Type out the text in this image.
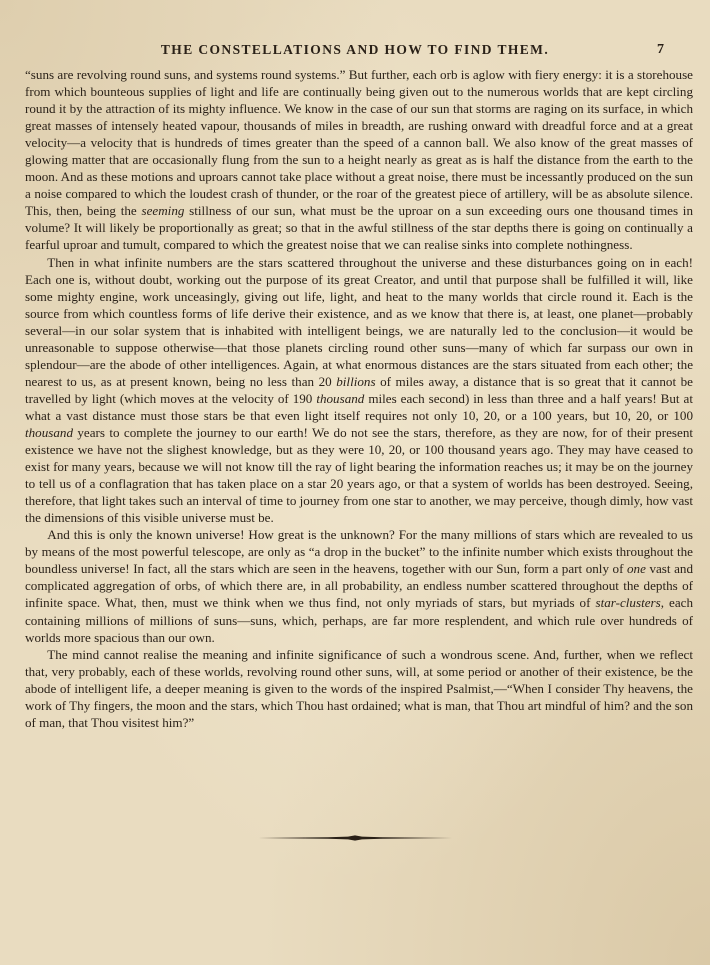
THE CONSTELLATIONS AND HOW TO FIND THEM.	7

“suns are revolving round suns, and systems round systems.” But further, each orb is aglow with fiery energy: it is a storehouse from which bounteous supplies of light and life are continually being given out to the numerous worlds that are kept circling round it by the attraction of its mighty influence. We know in the case of our sun that storms are raging on its surface, in which great masses of intensely heated vapour, thousands of miles in breadth, are rushing onward with dreadful force and at a great velocity—a velocity that is hundreds of times greater than the speed of a cannon ball. We also know of the great masses of glowing matter that are occasionally flung from the sun to a height nearly as great as is half the distance from the earth to the moon. And as these motions and uproars cannot take place without a great noise, there must be incessantly produced on the sun a noise compared to which the loudest crash of thunder, or the roar of the greatest piece of artillery, will be as absolute silence. This, then, being the seeming stillness of our sun, what must be the uproar on a sun exceeding ours one thousand times in volume? It will likely be proportionally as great; so that in the awful stillness of the star depths there is going on continually a fearful uproar and tumult, compared to which the greatest noise that we can realise sinks into complete nothingness.

Then in what infinite numbers are the stars scattered throughout the universe and these disturbances going on in each! Each one is, without doubt, working out the purpose of its great Creator, and until that purpose shall be fulfilled it will, like some mighty engine, work unceasingly, giving out life, light, and heat to the many worlds that circle round it. Each is the source from which countless forms of life derive their existence, and as we know that there is, at least, one planet—probably several—in our solar system that is inhabited with intelligent beings, we are naturally led to the conclusion—it would be unreasonable to suppose otherwise—that those planets circling round other suns—many of which far surpass our own in splendour—are the abode of other intelligences. Again, at what enormous distances are the stars situated from each other; the nearest to us, as at present known, being no less than 20 billions of miles away, a distance that is so great that it cannot be travelled by light (which moves at the velocity of 190 thousand miles each second) in less than three and a half years! But at what a vast distance must those stars be that even light itself requires not only 10, 20, or a 100 years, but 10, 20, or 100 thousand years to complete the journey to our earth! We do not see the stars, therefore, as they are now, for of their present existence we have not the slighest knowledge, but as they were 10, 20, or 100 thousand years ago. They may have ceased to exist for many years, because we will not know till the ray of light bearing the information reaches us; it may be on the journey to tell us of a conflagration that has taken place on a star 20 years ago, or that a system of worlds has been destroyed. Seeing, therefore, that light takes such an interval of time to journey from one star to another, we may perceive, though dimly, how vast the dimensions of this visible universe must be.

And this is only the known universe! How great is the unknown? For the many millions of stars which are revealed to us by means of the most powerful telescope, are only as “a drop in the bucket” to the infinite number which exists throughout the boundless universe! In fact, all the stars which are seen in the heavens, together with our Sun, form a part only of one vast and complicated aggregation of orbs, of which there are, in all probability, an endless number scattered throughout the depths of infinite space. What, then, must we think when we thus find, not only myriads of stars, but myriads of star-clusters, each containing millions of millions of suns—suns, which, perhaps, are far more resplendent, and which rule over hundreds of worlds more spacious than our own.

The mind cannot realise the meaning and infinite significance of such a wondrous scene. And, further, when we reflect that, very probably, each of these worlds, revolving round other suns, will, at some period or another of their existence, be the abode of intelligent life, a deeper meaning is given to the words of the inspired Psalmist,—“When I consider Thy heavens, the work of Thy fingers, the moon and the stars, which Thou hast ordained; what is man, that Thou art mindful of him? and the son of man, that Thou visitest him?”
